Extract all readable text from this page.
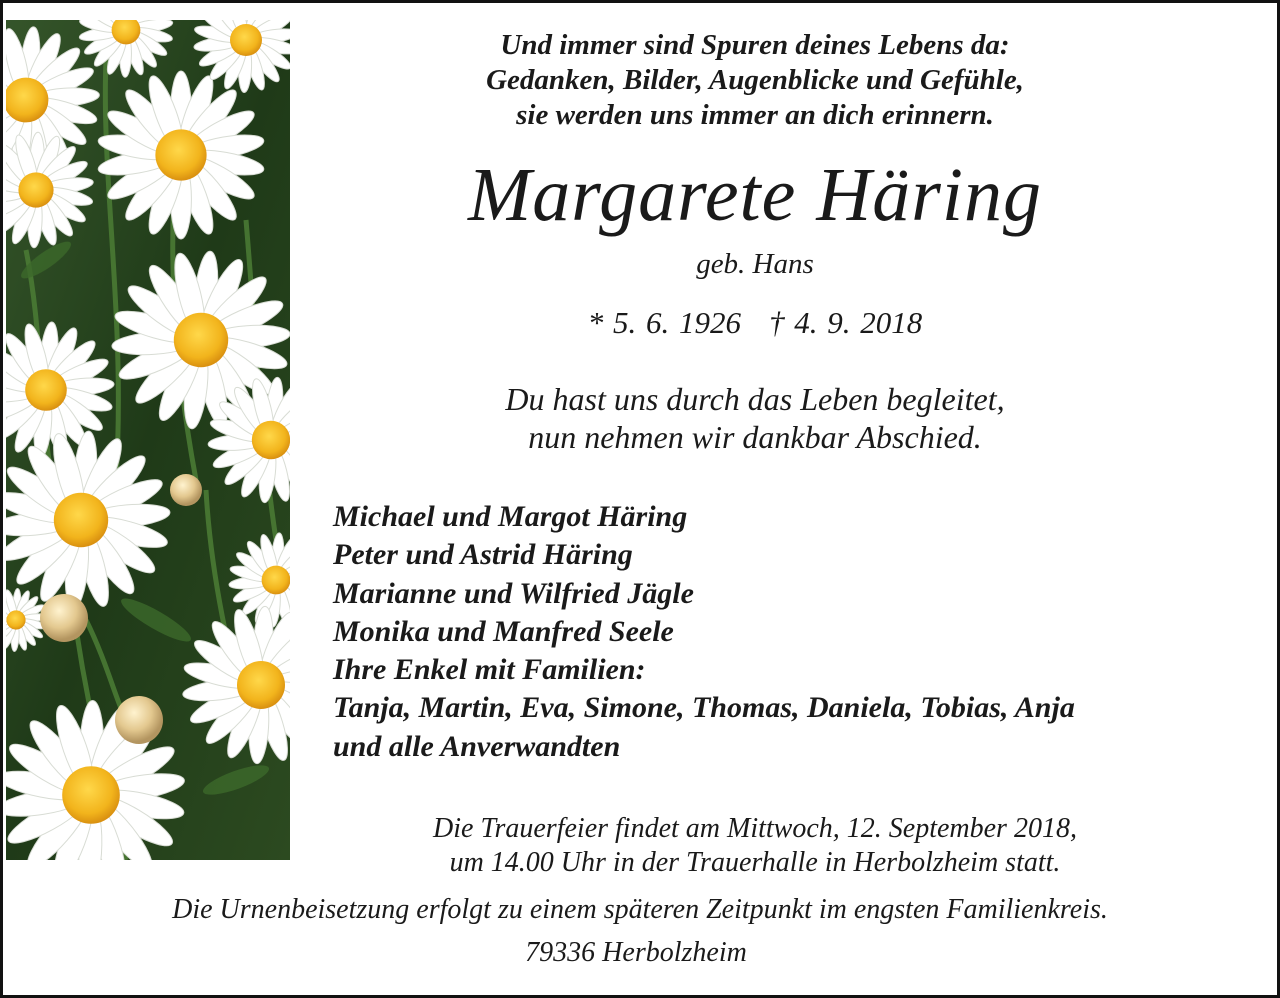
Und immer sind Spuren deines Lebens da:
Gedanken, Bilder, Augenblicke und Gefühle,
sie werden uns immer an dich erinnern.
Margarete Häring
geb. Hans
* 5. 6. 1926 † 4. 9. 2018
Du hast uns durch das Leben begleitet,
nun nehmen wir dankbar Abschied.
Michael und Margot Häring
Peter und Astrid Häring
Marianne und Wilfried Jägle
Monika und Manfred Seele
Ihre Enkel mit Familien:
Tanja, Martin, Eva, Simone, Thomas, Daniela, Tobias, Anja
und alle Anverwandten
Die Trauerfeier findet am Mittwoch, 12. September 2018,
um 14.00 Uhr in der Trauerhalle in Herbolzheim statt.
Die Urnenbeisetzung erfolgt zu einem späteren Zeitpunkt im engsten Familienkreis.
79336 Herbolzheim
